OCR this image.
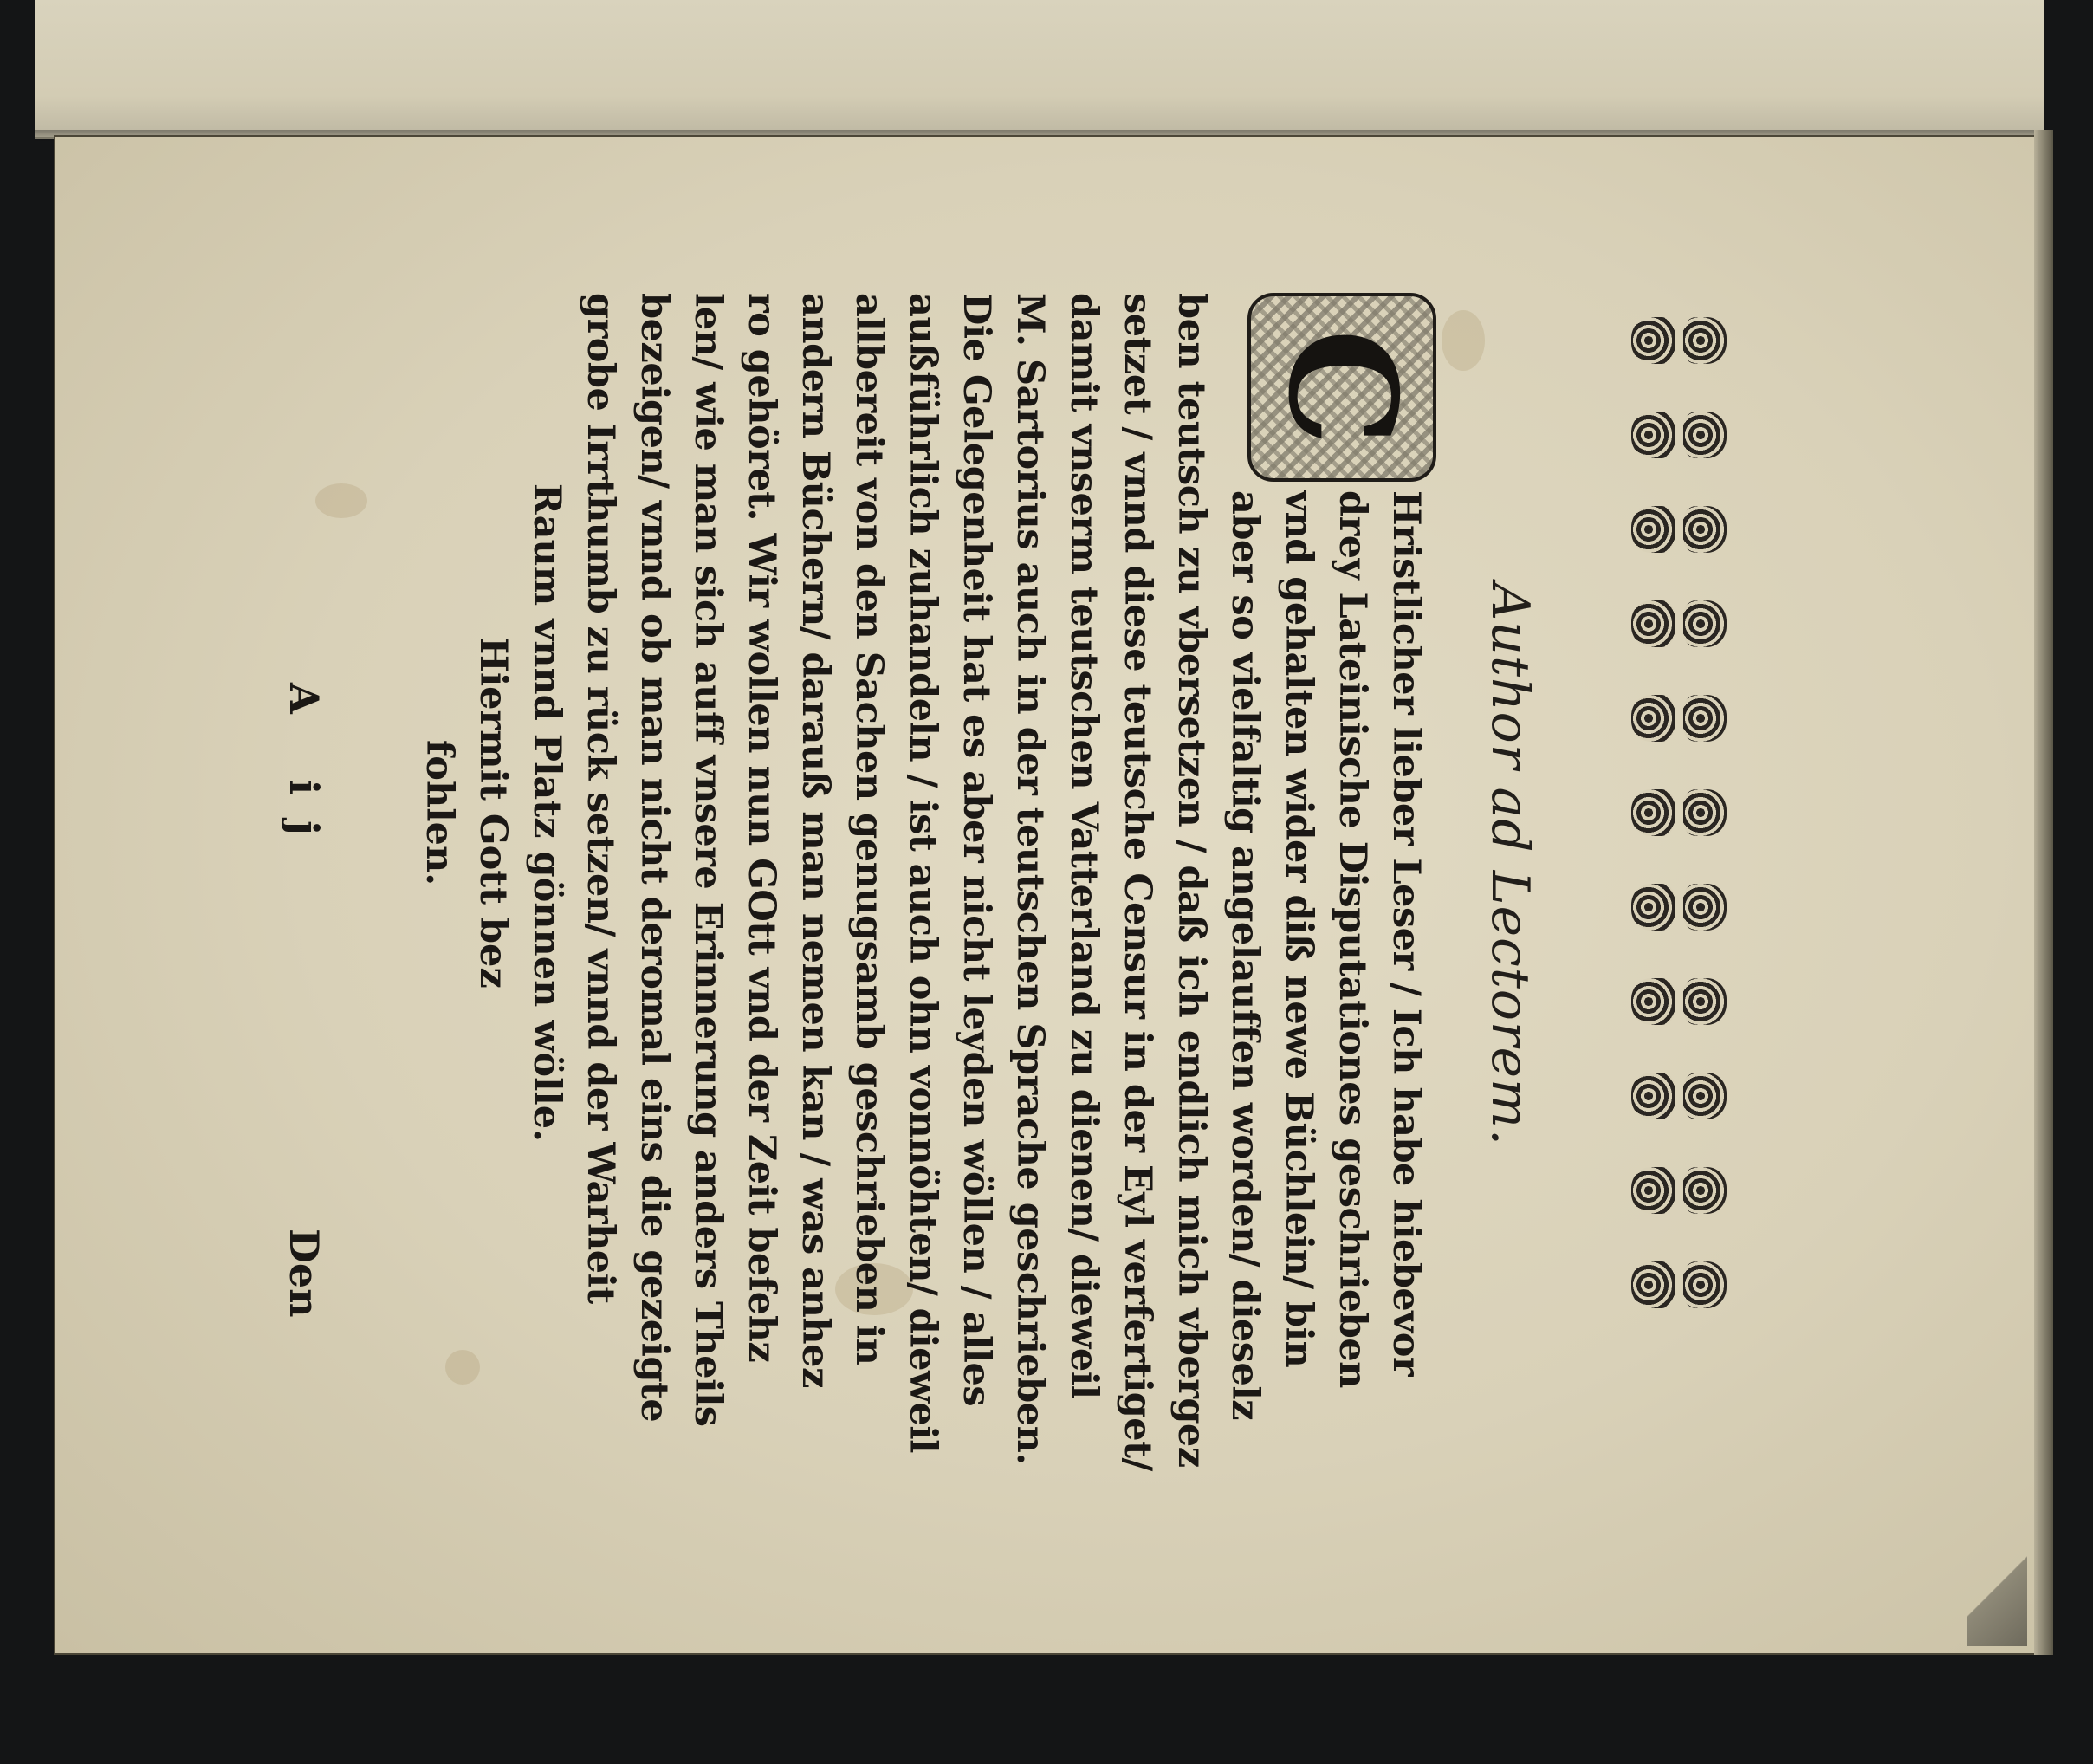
Author ad Lectorem.
C
Hristlicher lieber Leser / Ich habe hiebevor
drey Lateinische Disputationes geschrieben
vnd gehalten wider diß newe Büchlein/ bin
aber so vielfaltig angelauffen worden/ dieselz
ben teutsch zu vbersetzen / daß ich endlich mich vbergez
setzet / vnnd diese teutsche Censur in der Eyl verfertiget/
damit vnserm teutschen Vatterland zu dienen/ dieweil
M. Sartorius auch in der teutschen Sprache geschrieben.
Die Gelegenheit hat es aber nicht leyden wöllen / alles
außführlich zuhandeln / ist auch ohn vonnöhten/ dieweil
allbereit von den Sachen genugsamb geschrieben in
andern Büchern/ darauß man nemen kan / was anhez
ro gehöret. Wir wollen nun GOtt vnd der Zeit befehz
len/ wie man sich auff vnsere Erinnerung anders Theils
bezeigen/ vnnd ob man nicht deromal eins die gezeigte
grobe Irrthumb zu rück setzen/ vnnd der Warheit
Raum vnnd Platz gönnen wölle.
Hiermit Gott bez
fohlen.
A ij
Den
